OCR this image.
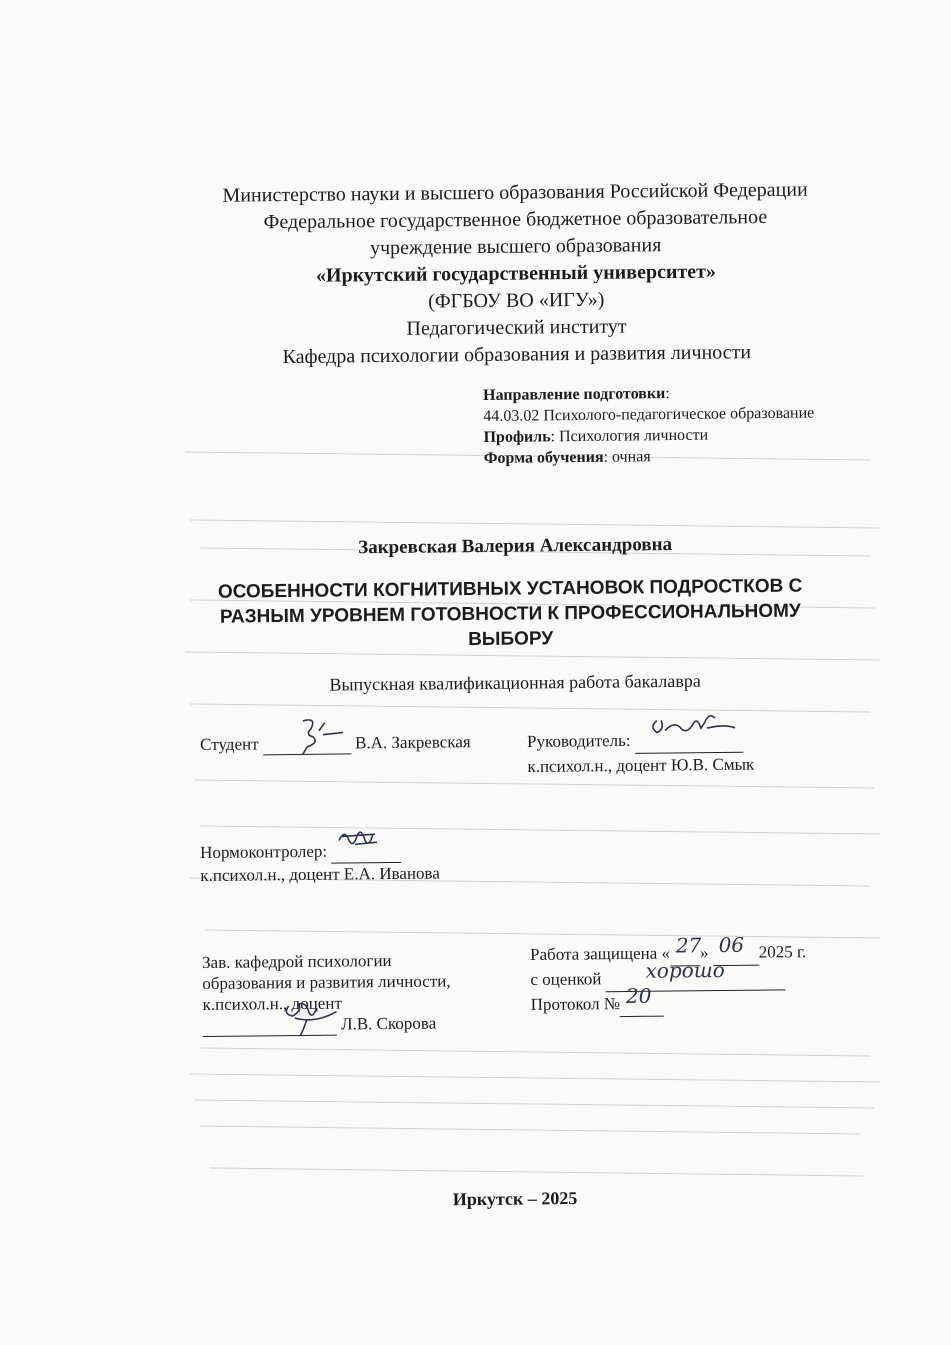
Министерство науки и высшего образования Российской Федерации
Федеральное государственное бюджетное образовательное
учреждение высшего образования
«Иркутский государственный университет»
(ФГБОУ ВО «ИГУ»)
Педагогический институт
Кафедра психологии образования и развития личности
Направление подготовки:
44.03.02 Психолого-педагогическое образование
Профиль: Психология личности
Форма обучения: очная
Закревская Валерия Александровна
ОСОБЕННОСТИ КОГНИТИВНЫХ УСТАНОВОК ПОДРОСТКОВ С
РАЗНЫМ УРОВНЕМ ГОТОВНОСТИ К ПРОФЕССИОНАЛЬНОМУ
ВЫБОРУ
Выпускная квалификационная работа бакалавра
Студент	В.А. Закревская	Руководитель:
к.психол.н., доцент Ю.В. Смык
Нормоконтролер:
к.психол.н., доцент Е.А. Иванова
Зав. кафедрой психологии
образования и развития личности,
к.психол.н., доцент

Л.В. Скорова
Работа защищена « 27
» 06 2025 г.
с оценкой хорошо

Протокол № 20

Иркутск – 2025
